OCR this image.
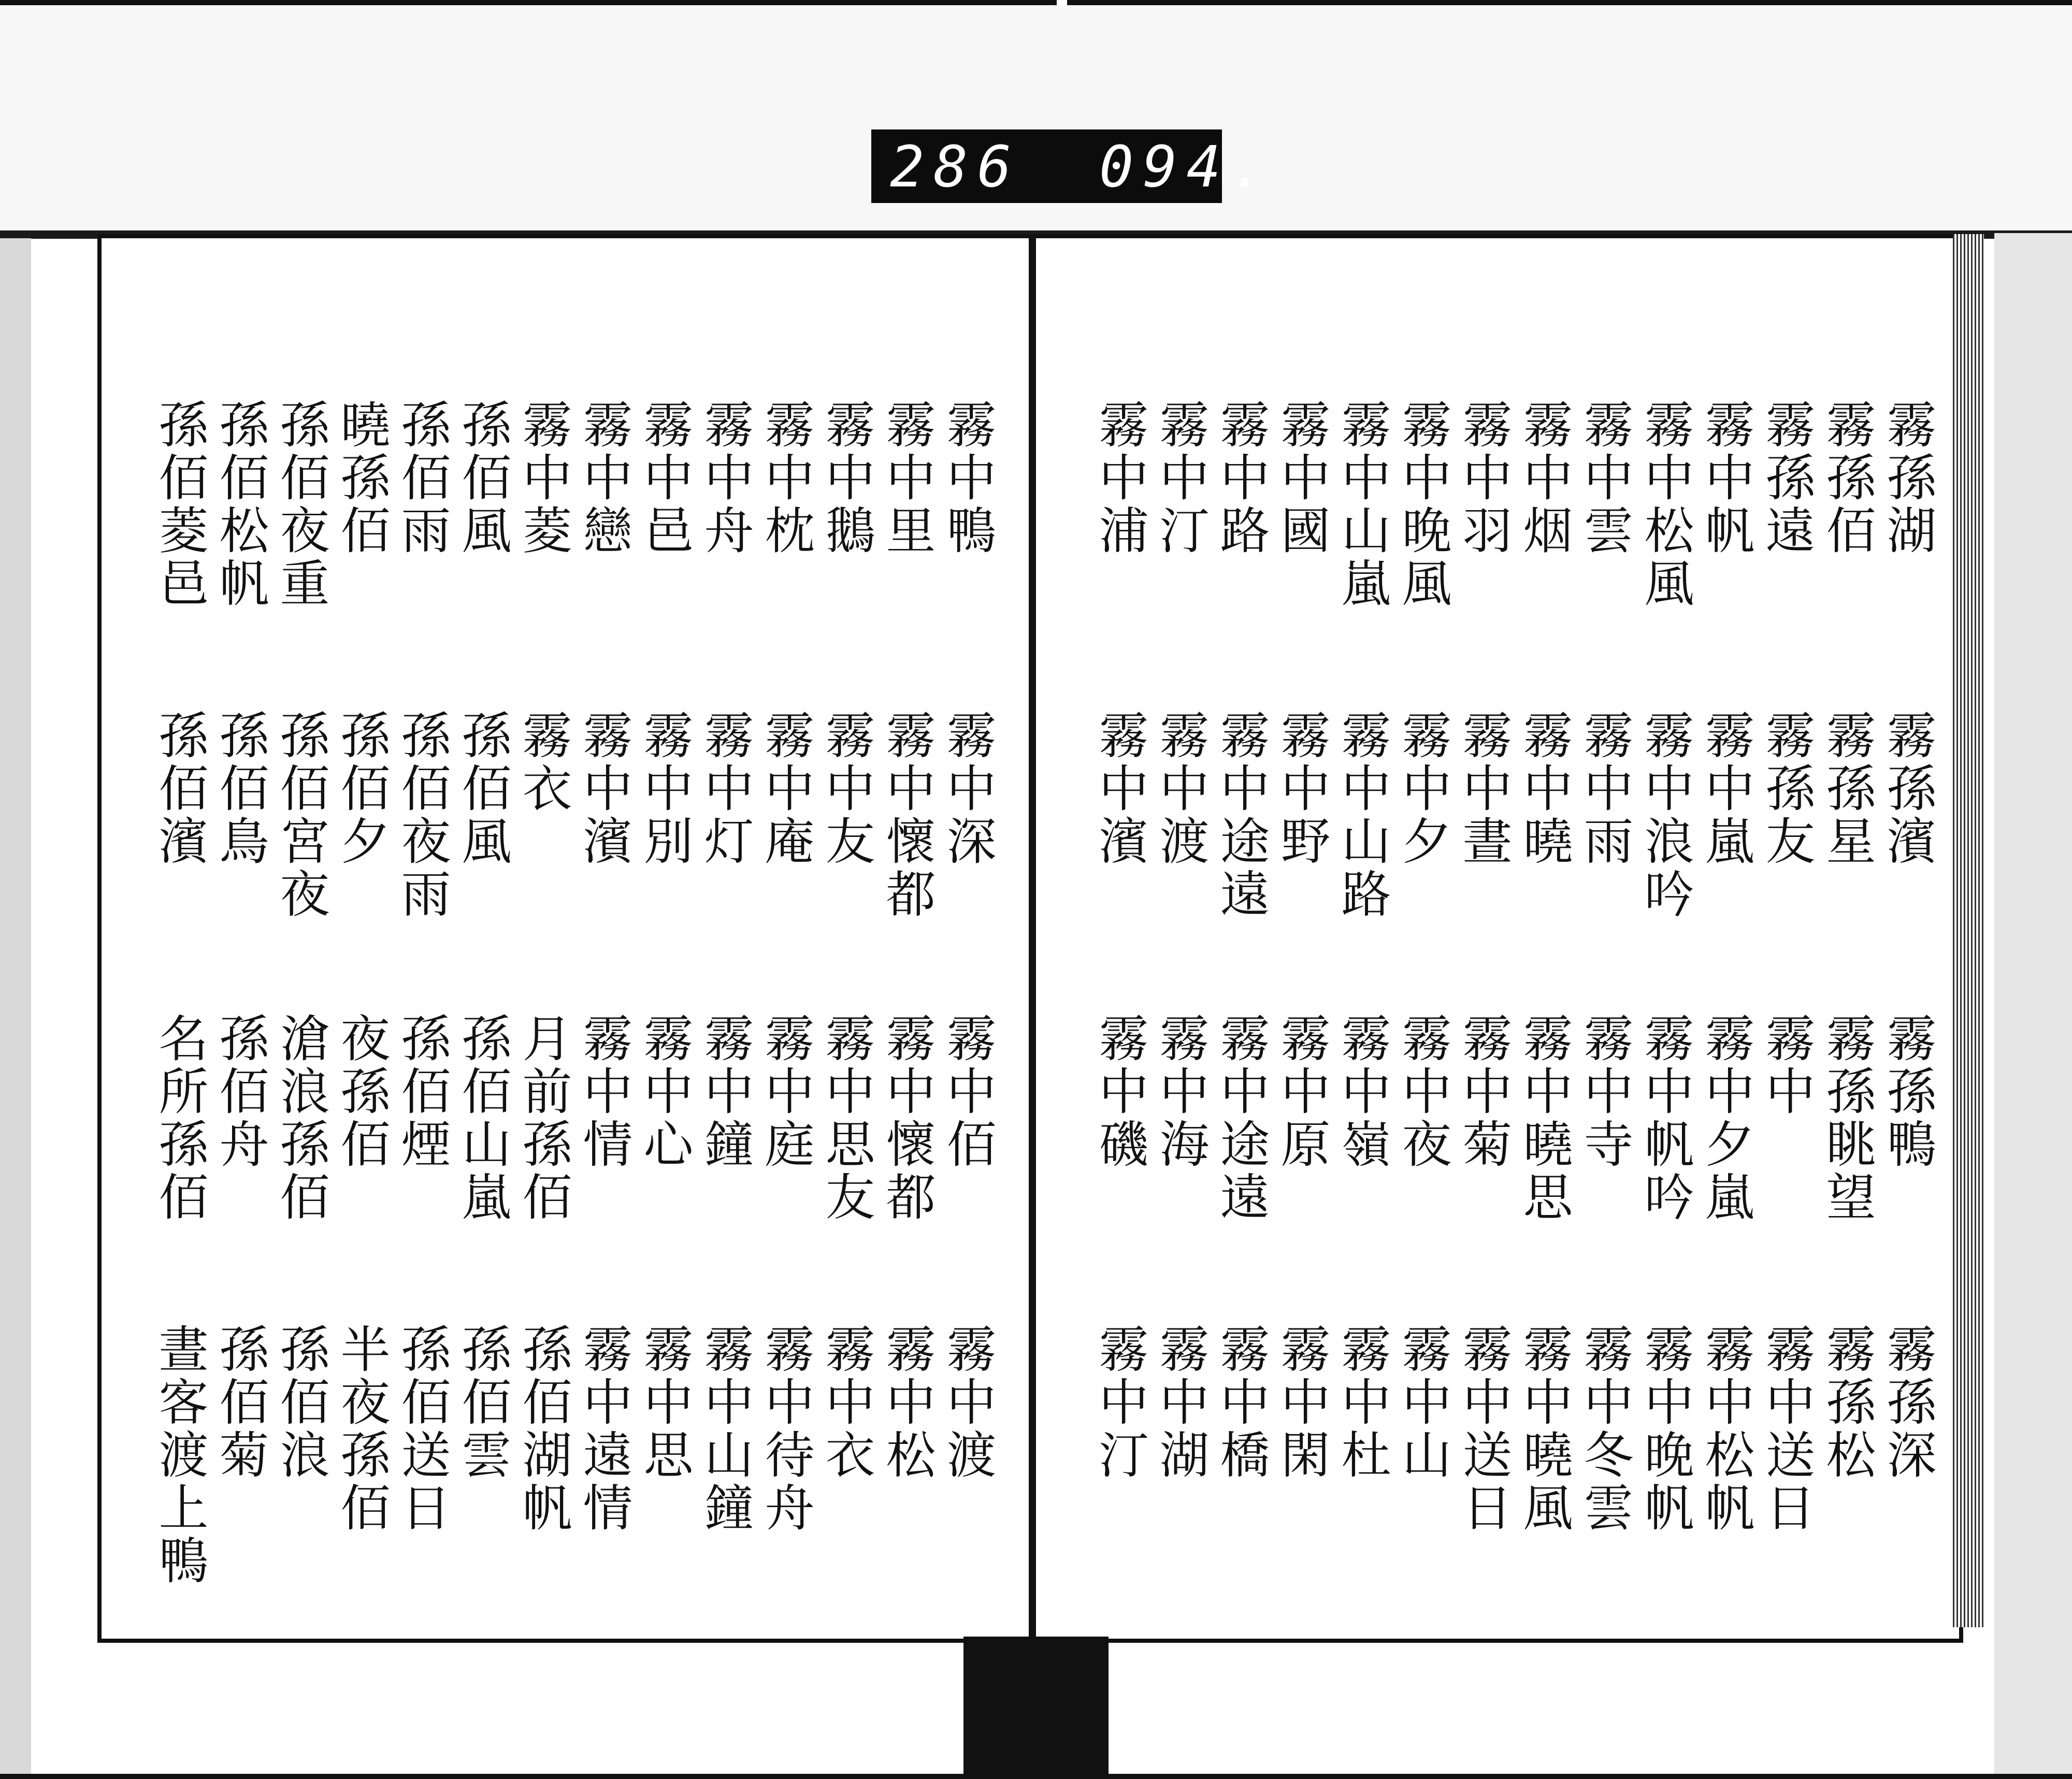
286 094.
霧孫湖
霧孫佰
霧孫遠
霧中帆
霧中松風
霧中雲
霧中烟
霧中羽
霧中晚風
霧中山嵐
霧中國
霧中路
霧中汀
霧中浦
霧孫濱
霧孫星
霧孫友
霧中嵐
霧中浪吟
霧中雨
霧中曉
霧中晝
霧中夕
霧中山路
霧中野
霧中途遠
霧中渡
霧中濱
霧孫鴨
霧孫眺望
霧中
霧中夕嵐
霧中帆吟
霧中寺
霧中曉思
霧中菊
霧中夜
霧中嶺
霧中原
霧中途遠
霧中海
霧中磯
霧孫深
霧孫松
霧中送日
霧中松帆
霧中晚帆
霧中冬雲
霧中曉風
霧中送日
霧中山
霧中杜
霧中閑
霧中橋
霧中湖
霧中汀
霧中鴨
霧中里
霧中鵝
霧中枕
霧中舟
霧中邑
霧中戀
霧中菱
孫佰風
孫佰雨
曉孫佰
孫佰夜重
孫佰松帆
孫佰菱邑
霧中深
霧中懷都
霧中友
霧中庵
霧中灯
霧中別
霧中濱
霧衣
孫佰風
孫佰夜雨
孫佰夕
孫佰宮夜
孫佰鳥
孫佰濱
霧中佰
霧中懷都
霧中思友
霧中庭
霧中鐘
霧中心
霧中情
月前孫佰
孫佰山嵐
孫佰煙
夜孫佰
滄浪孫佰
孫佰舟
名所孫佰
霧中渡
霧中松
霧中衣
霧中待舟
霧中山鐘
霧中思
霧中遠情
孫佰湖帆
孫佰雲
孫佰送日
半夜孫佰
孫佰浪
孫佰菊
晝客渡上鴨
